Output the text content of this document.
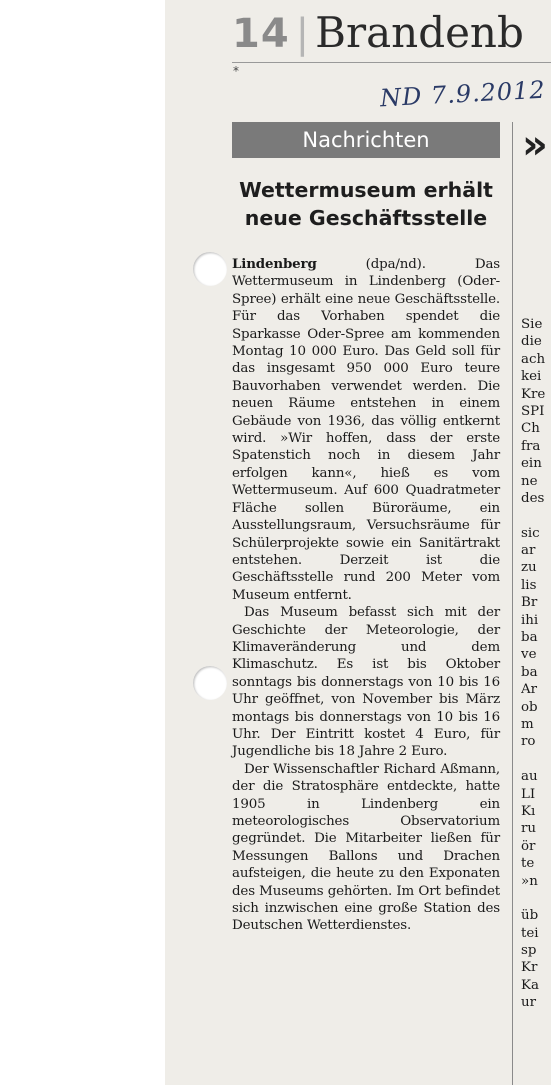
14 | Brandenb
*
ND 7.9.2012
Nachrichten
Wettermuseum erhält neue Geschäftsstelle

Lindenberg (dpa/nd). Das Wettermuseum in Lindenberg (Oder-Spree) erhält eine neue Geschäftsstelle. Für das Vorhaben spendet die Sparkasse Oder-Spree am kommenden Montag 10 000 Euro. Das Geld soll für das insgesamt 950 000 Euro teure Bauvorhaben verwendet werden. Die neuen Räume entstehen in einem Gebäude von 1936, das völlig entkernt wird. »Wir hoffen, dass der erste Spatenstich noch in diesem Jahr erfolgen kann«, hieß es vom Wettermuseum. Auf 600 Quadratmeter Fläche sollen Büroräume, ein Ausstellungsraum, Versuchsräume für Schülerprojekte sowie ein Sanitärtrakt entstehen. Derzeit ist die Geschäftsstelle rund 200 Meter vom Museum entfernt.

Das Museum befasst sich mit der Geschichte der Meteorologie, der Klimaveränderung und dem Klimaschutz. Es ist bis Oktober sonntags bis donnerstags von 10 bis 16 Uhr geöffnet, von November bis März montags bis donnerstags von 10 bis 16 Uhr. Der Eintritt kostet 4 Euro, für Jugendliche bis 18 Jahre 2 Euro.

Der Wissenschaftler Richard Aßmann, der die Stratosphäre entdeckte, hatte 1905 in Lindenberg ein meteorologisches Observatorium gegründet. Die Mitarbeiter ließen für Messungen Ballons und Drachen aufsteigen, die heute zu den Exponaten des Museums gehörten. Im Ort befindet sich inzwischen eine große Station des Deutschen Wetterdienstes.

»
Sie
die
ach
kei
Kre
SPI
Ch
fra
ein
ne
des
sic
ar
zu
lis
Br
ihi
ba
ve
ba
Ar
ob
m
ro
au
LI
Kı
ru
ör
te
»n
üb
tei
sp
Kr
Ka
ur
